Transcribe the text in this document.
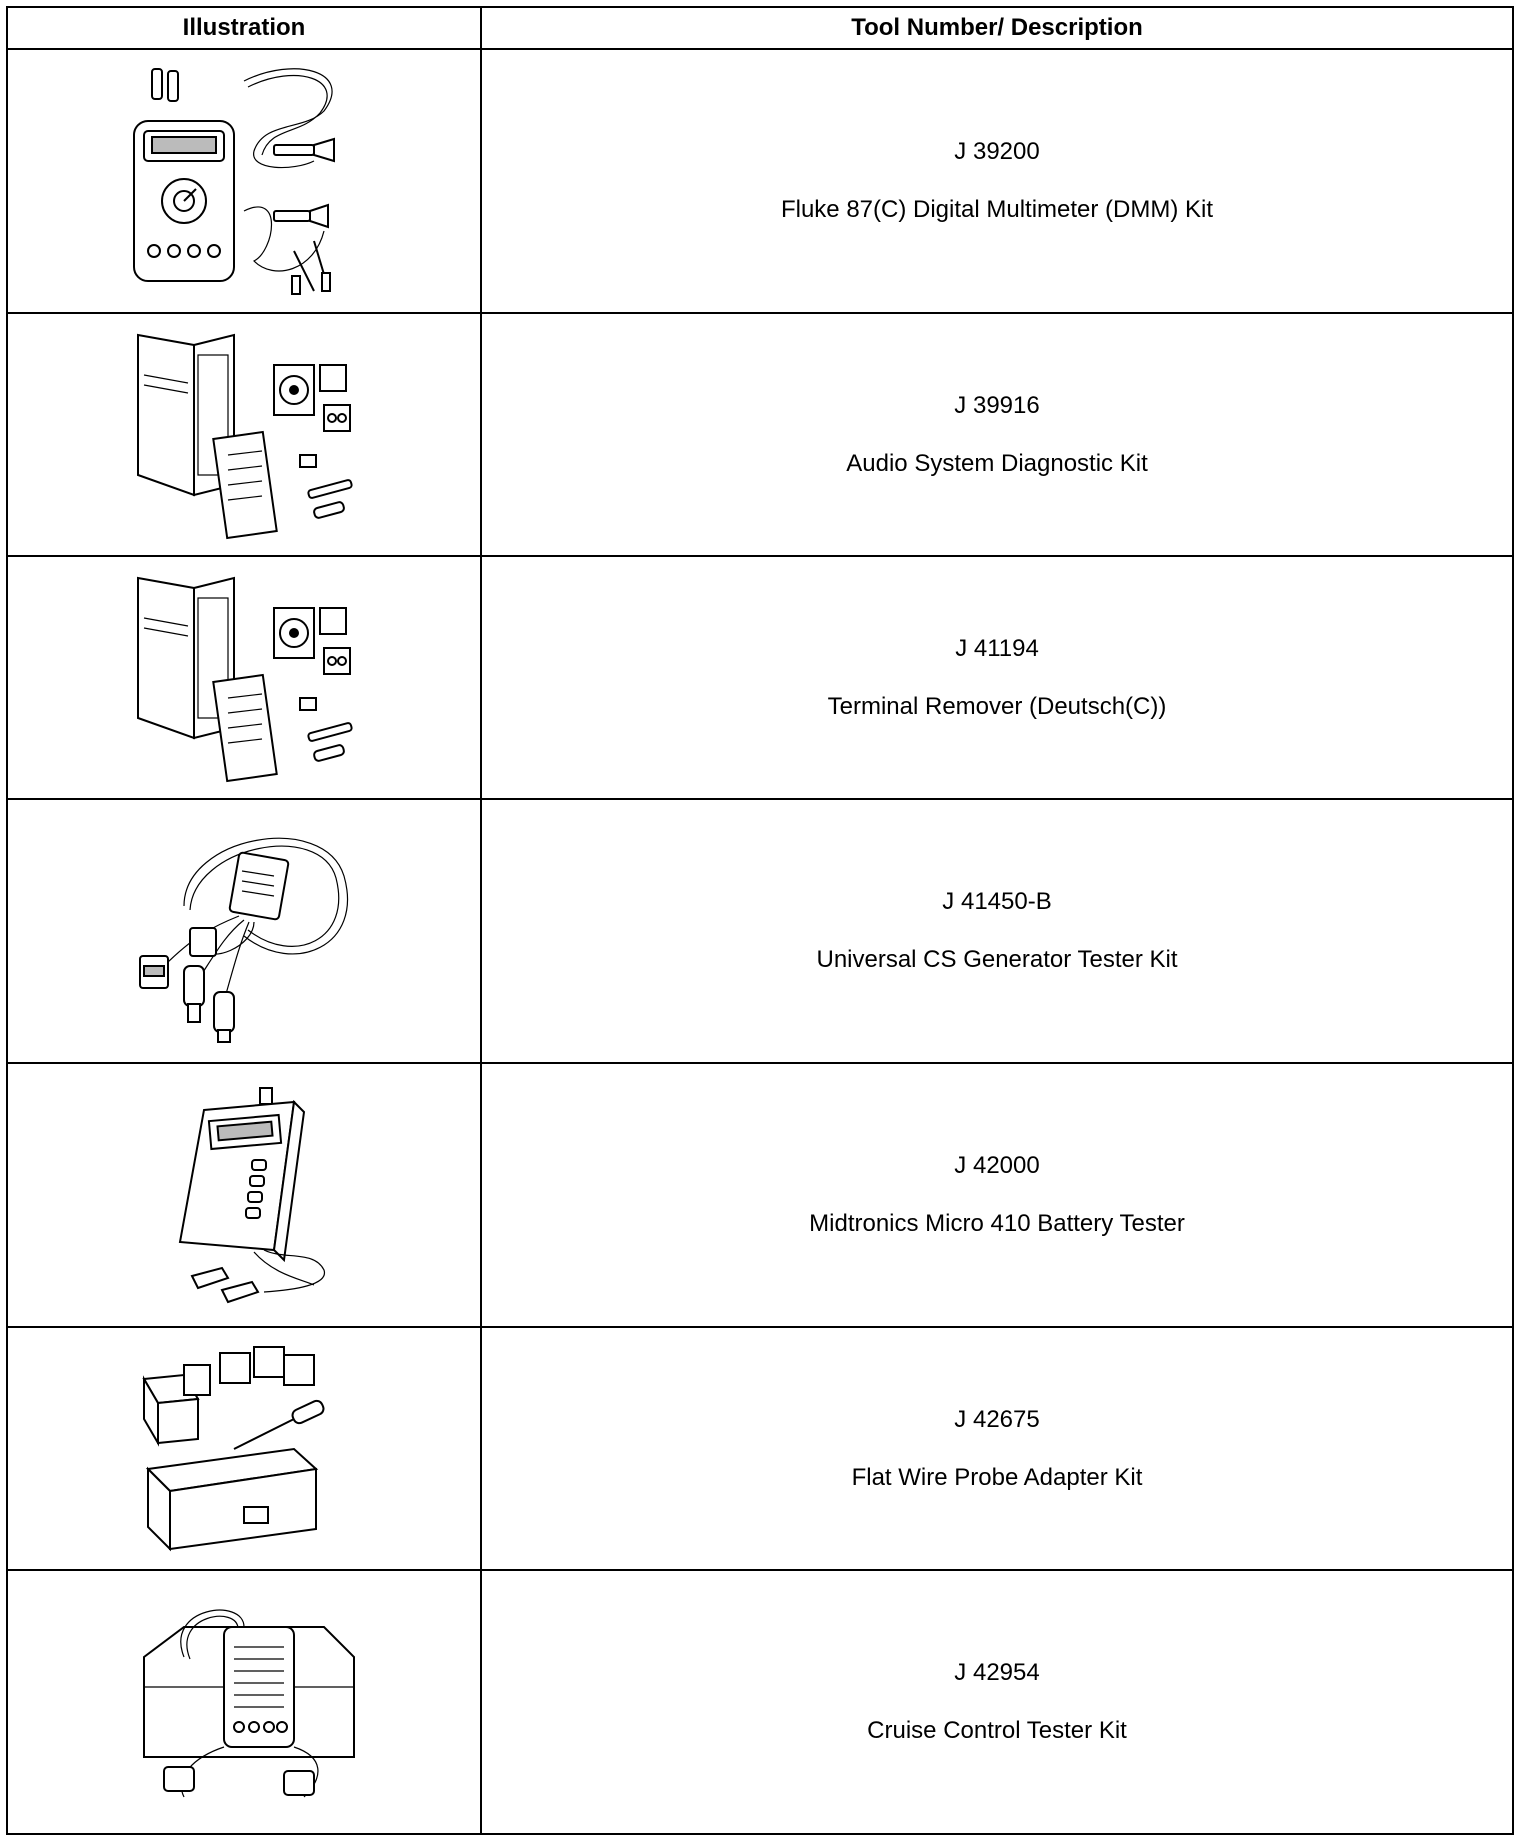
Illustration	Tool Number/ Description

J 39200
Fluke 87(C) Digital Multimeter (DMM) Kit

J 39916
Audio System Diagnostic Kit

J 41194
Terminal Remover (Deutsch(C))

J 41450-B
Universal CS Generator Tester Kit

J 42000
Midtronics Micro 410 Battery Tester

J 42675
Flat Wire Probe Adapter Kit

J 42954
Cruise Control Tester Kit
